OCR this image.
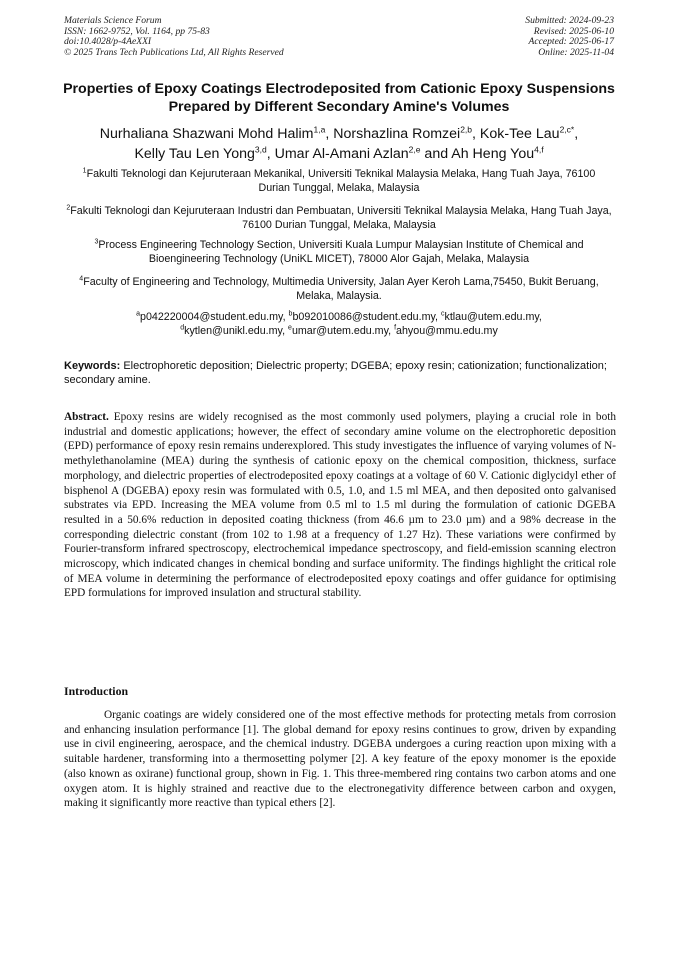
Materials Science Forum
ISSN: 1662-9752, Vol. 1164, pp 75-83
doi:10.4028/p-4AeXXI
© 2025 Trans Tech Publications Ltd, All Rights Reserved
Submitted: 2024-09-23
Revised: 2025-06-10
Accepted: 2025-06-17
Online: 2025-11-04
Properties of Epoxy Coatings Electrodeposited from Cationic Epoxy Suspensions Prepared by Different Secondary Amine's Volumes
Nurhaliana Shazwani Mohd Halim$^{1,a}$, Norshazlina Romzei$^{2,b}$, Kok-Tee Lau$^{2,c*}$,
Kelly Tau Len Yong$^{3,d}$, Umar Al-Amani Azlan$^{2,e}$ and Ah Heng You$^{4,f}$
$^1$Fakulti Teknologi dan Kejuruteraan Mekanikal, Universiti Teknikal Malaysia Melaka, Hang Tuah Jaya, 76100 Durian Tunggal, Melaka, Malaysia
$^2$Fakulti Teknologi dan Kejuruteraan Industri dan Pembuatan, Universiti Teknikal Malaysia Melaka, Hang Tuah Jaya, 76100 Durian Tunggal, Melaka, Malaysia
$^3$Process Engineering Technology Section, Universiti Kuala Lumpur Malaysian Institute of Chemical and Bioengineering Technology (UniKL MICET), 78000 Alor Gajah, Melaka, Malaysia
$^4$Faculty of Engineering and Technology, Multimedia University, Jalan Ayer Keroh Lama,75450, Bukit Beruang, Melaka, Malaysia.
$^a$p042220004@student.edu.my, $^b$b092010086@student.edu.my, $^c$ktlau@utem.edu.my,
$^d$kytlen@unikl.edu.my, $^e$umar@utem.edu.my, $^f$ahyou@mmu.edu.my
Keywords: Electrophoretic deposition; Dielectric property; DGEBA; epoxy resin; cationization; functionalization; secondary amine.

Abstract. Epoxy resins are widely recognised as the most commonly used polymers, playing a crucial role in both industrial and domestic applications; however, the effect of secondary amine volume on the electrophoretic deposition (EPD) performance of epoxy resin remains underexplored. This study investigates the influence of varying volumes of N-methylethanolamine (MEA) during the synthesis of cationic epoxy on the chemical composition, thickness, surface morphology, and dielectric properties of electrodeposited epoxy coatings at a voltage of 60 V. Cationic diglycidyl ether of bisphenol A (DGEBA) epoxy resin was formulated with 0.5, 1.0, and 1.5 ml MEA, and then deposited onto galvanised substrates via EPD. Increasing the MEA volume from 0.5 ml to 1.5 ml during the formulation of cationic DGEBA resulted in a 50.6% reduction in deposited coating thickness (from 46.6 µm to 23.0 µm) and a 98% decrease in the corresponding dielectric constant (from 102 to 1.98 at a frequency of 1.27 Hz). These variations were confirmed by Fourier-transform infrared spectroscopy, electrochemical impedance spectroscopy, and field-emission scanning electron microscopy, which indicated changes in chemical bonding and surface uniformity. The findings highlight the critical role of MEA volume in determining the performance of electrodeposited epoxy coatings and offer guidance for optimising EPD formulations for improved insulation and structural stability.

Introduction

Organic coatings are widely considered one of the most effective methods for protecting metals from corrosion and enhancing insulation performance [1]. The global demand for epoxy resins continues to grow, driven by expanding use in civil engineering, aerospace, and the chemical industry. DGEBA undergoes a curing reaction upon mixing with a suitable hardener, transforming into a thermosetting polymer [2]. A key feature of the epoxy monomer is the epoxide (also known as oxirane) functional group, shown in Fig. 1. This three-membered ring contains two carbon atoms and one oxygen atom. It is highly strained and reactive due to the electronegativity difference between carbon and oxygen, making it significantly more reactive than typical ethers [2].
